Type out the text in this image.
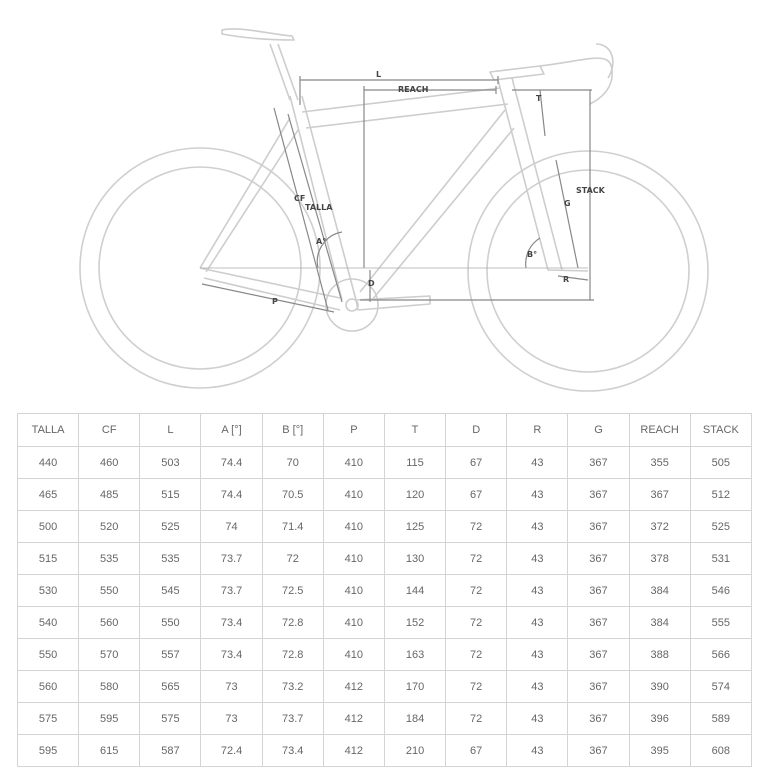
L
REACH
T
STACK
G
CF
TALLA
A°
B°
D	R
P
TALLA	CF	L	A [°]	B [°]	P	T	D	R	G	REACH	STACK
440	460	503	74.4	70	410	115	67	43	367	355	505
465	485	515	74.4	70.5	410	120	67	43	367	367	512
500	520	525	74	71.4	410	125	72	43	367	372	525
515	535	535	73.7	72	410	130	72	43	367	378	531
530	550	545	73.7	72.5	410	144	72	43	367	384	546
540	560	550	73.4	72.8	410	152	72	43	367	384	555
550	570	557	73.4	72.8	410	163	72	43	367	388	566
560	580	565	73	73.2	412	170	72	43	367	390	574
575	595	575	73	73.7	412	184	72	43	367	396	589
595	615	587	72.4	73.4	412	210	67	43	367	395	608
